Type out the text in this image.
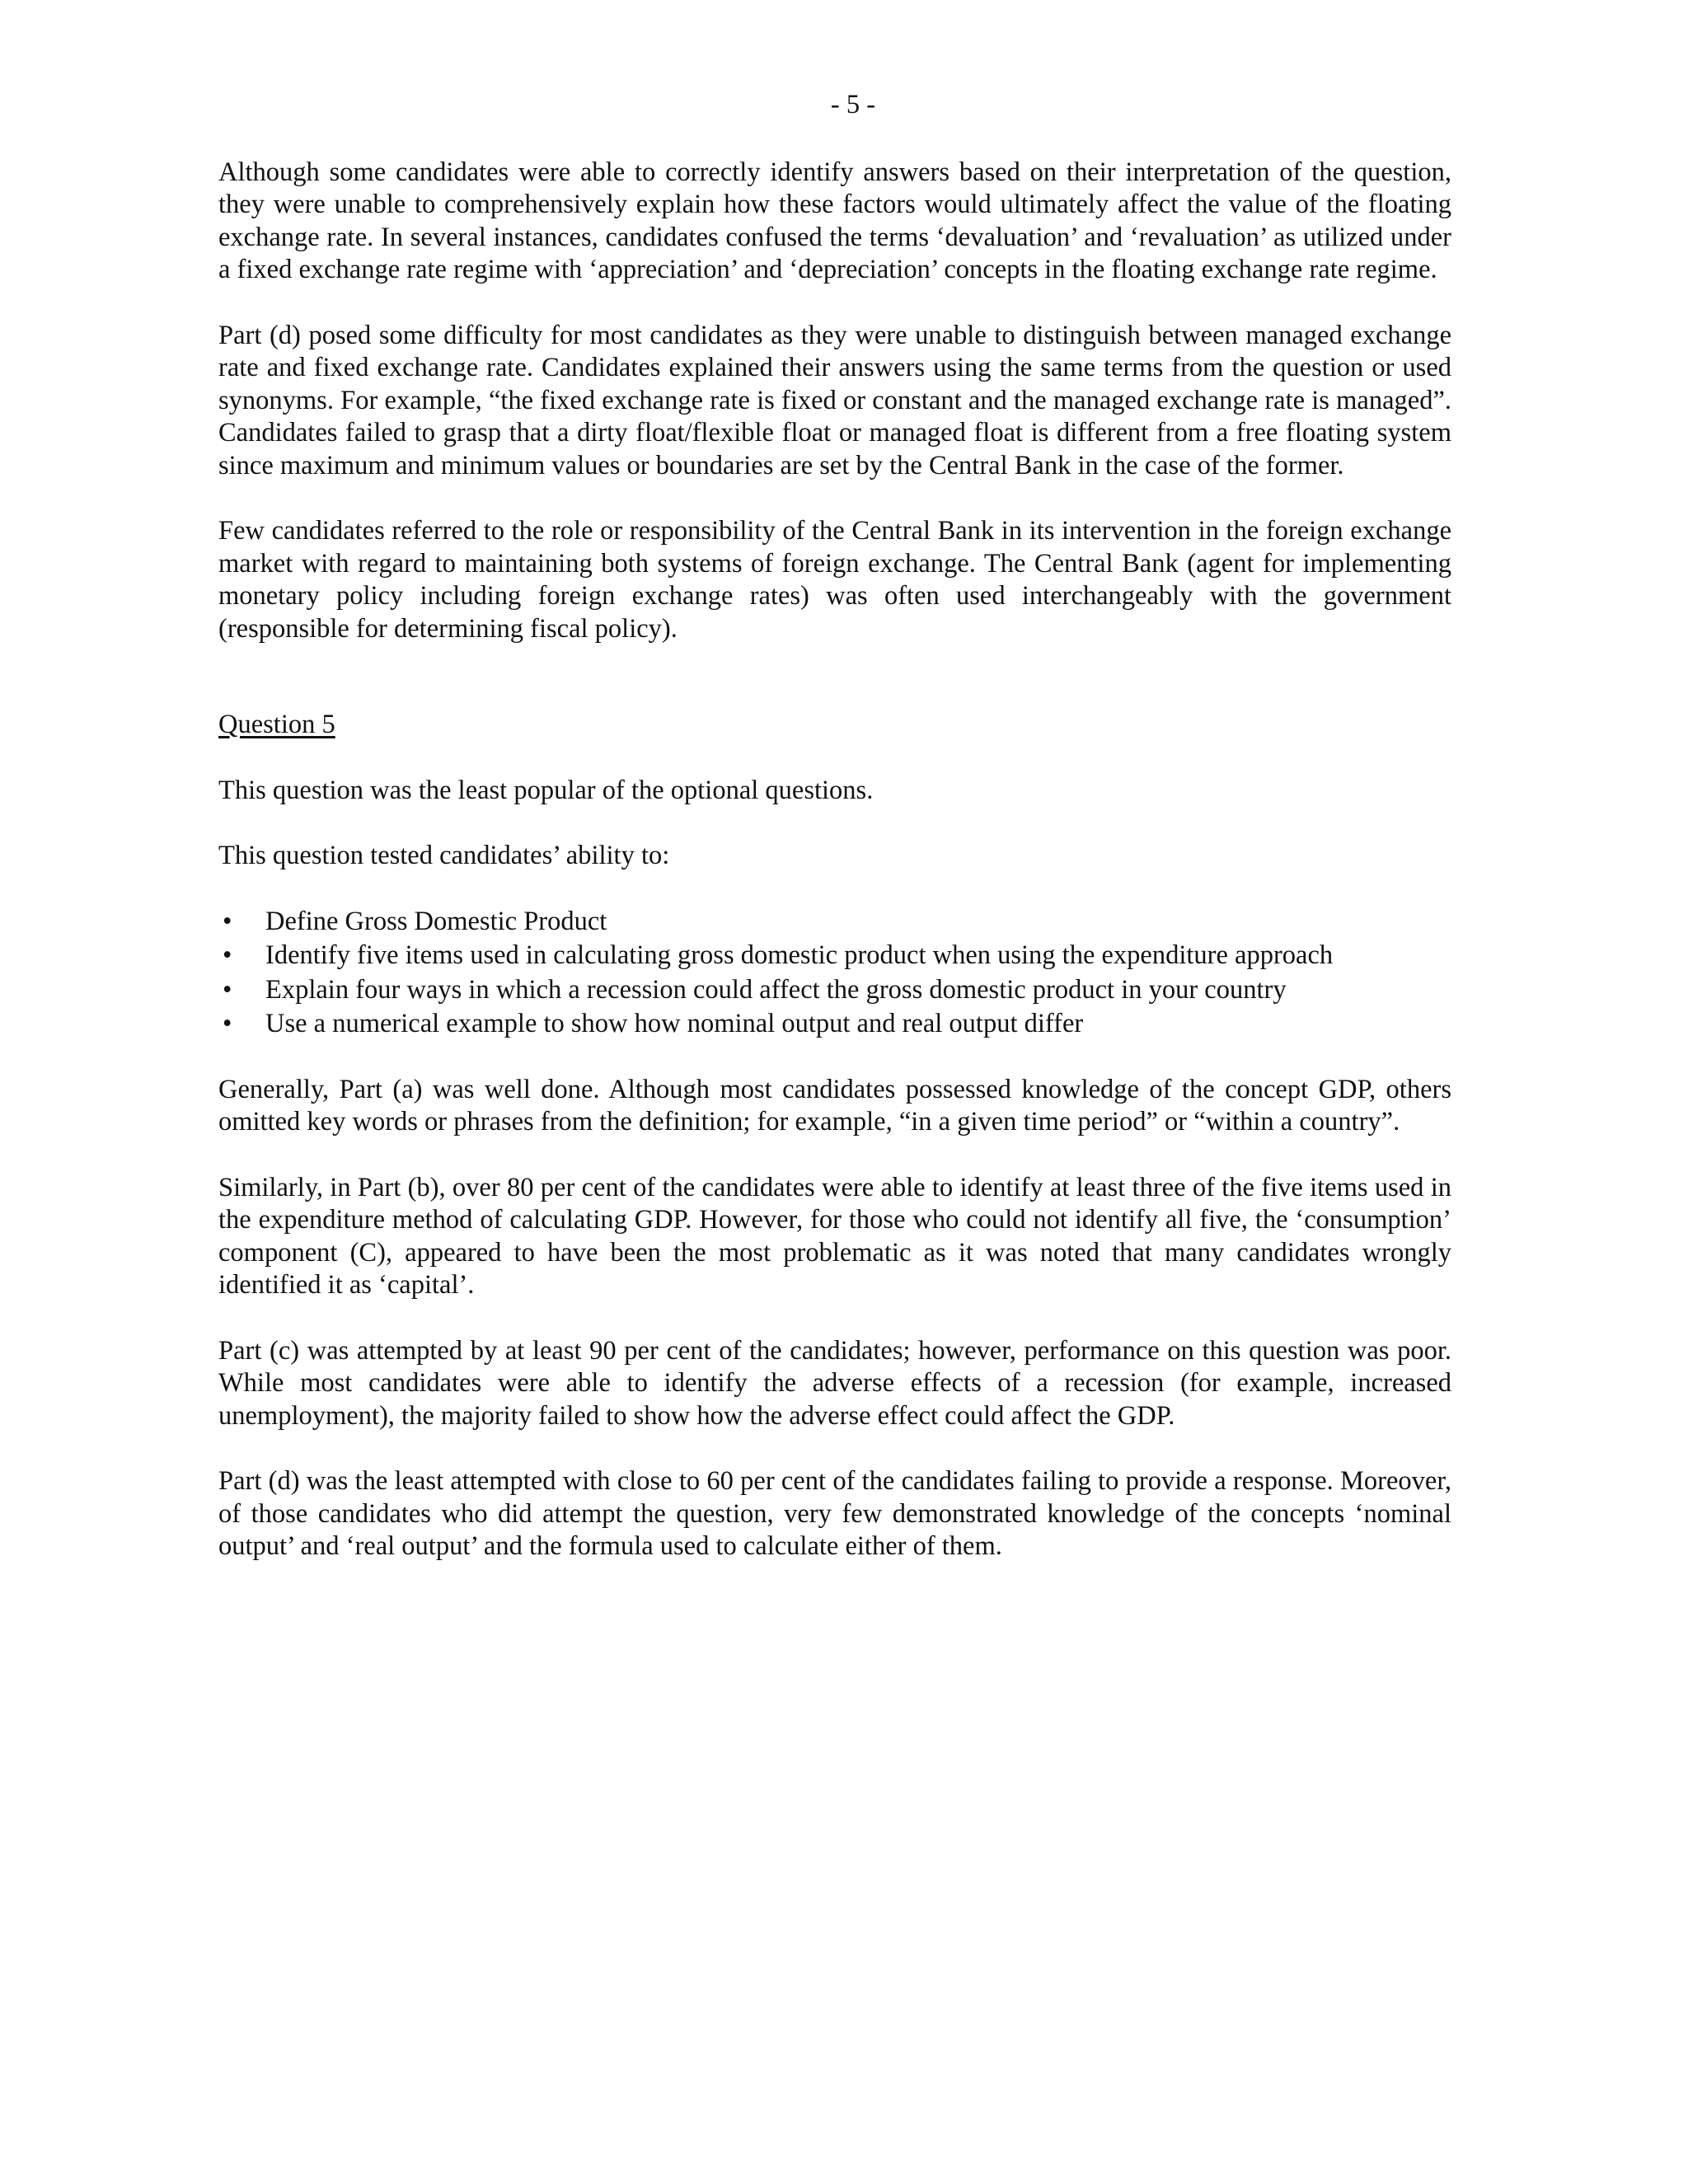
- 5 -

Although some candidates were able to correctly identify answers based on their interpretation of the question, they were unable to comprehensively explain how these factors would ultimately affect the value of the floating exchange rate. In several instances, candidates confused the terms ‘devaluation’ and ‘revaluation’ as utilized under a fixed exchange rate regime with ‘appreciation’ and ‘depreciation’ concepts in the floating exchange rate regime.

Part (d) posed some difficulty for most candidates as they were unable to distinguish between managed exchange rate and fixed exchange rate. Candidates explained their answers using the same terms from the question or used synonyms. For example, “the fixed exchange rate is fixed or constant and the managed exchange rate is managed”. Candidates failed to grasp that a dirty float/flexible float or managed float is different from a free floating system since maximum and minimum values or boundaries are set by the Central Bank in the case of the former.

Few candidates referred to the role or responsibility of the Central Bank in its intervention in the foreign exchange market with regard to maintaining both systems of foreign exchange. The Central Bank (agent for implementing monetary policy including foreign exchange rates) was often used interchangeably with the government (responsible for determining fiscal policy).

Question 5

This question was the least popular of the optional questions.

This question tested candidates’ ability to:

• Define Gross Domestic Product
• Identify five items used in calculating gross domestic product when using the expenditure approach
• Explain four ways in which a recession could affect the gross domestic product in your country
• Use a numerical example to show how nominal output and real output differ

Generally, Part (a) was well done. Although most candidates possessed knowledge of the concept GDP, others omitted key words or phrases from the definition; for example, “in a given time period” or “within a country”.

Similarly, in Part (b), over 80 per cent of the candidates were able to identify at least three of the five items used in the expenditure method of calculating GDP. However, for those who could not identify all five, the ‘consumption’ component (C), appeared to have been the most problematic as it was noted that many candidates wrongly identified it as ‘capital’.

Part (c) was attempted by at least 90 per cent of the candidates; however, performance on this question was poor. While most candidates were able to identify the adverse effects of a recession (for example, increased unemployment), the majority failed to show how the adverse effect could affect the GDP.

Part (d) was the least attempted with close to 60 per cent of the candidates failing to provide a response. Moreover, of those candidates who did attempt the question, very few demonstrated knowledge of the concepts ‘nominal output’ and ‘real output’ and the formula used to calculate either of them.
